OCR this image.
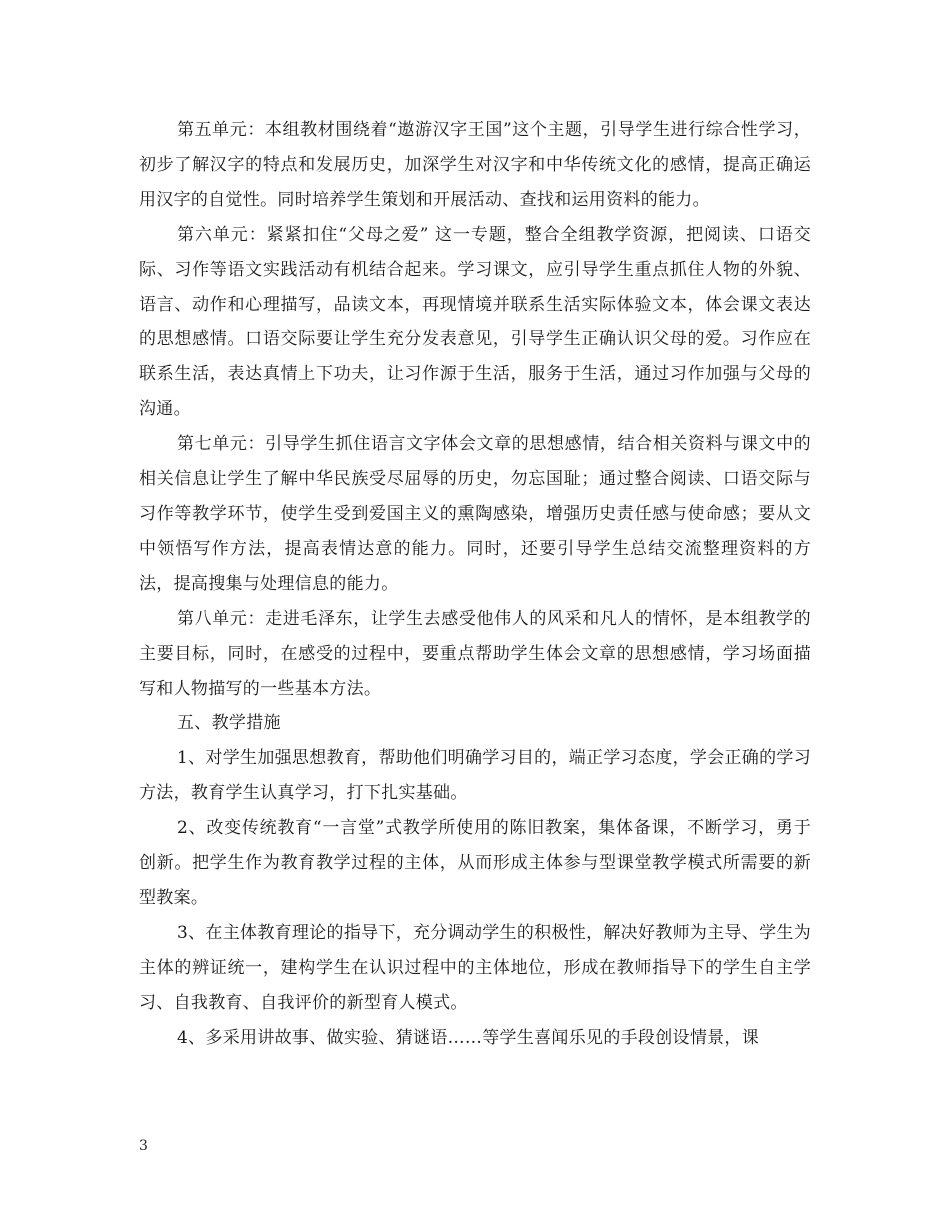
第五单元：本组教材围绕着“遨游汉字王国”这个主题，引导学生进行综合性学习，初步了解汉字的特点和发展历史，加深学生对汉字和中华传统文化的感情，提高正确运用汉字的自觉性。同时培养学生策划和开展活动、查找和运用资料的能力。

第六单元：紧紧扣住“父母之爱” 这一专题，整合全组教学资源，把阅读、口语交际、习作等语文实践活动有机结合起来。学习课文，应引导学生重点抓住人物的外貌、语言、动作和心理描写，品读文本，再现情境并联系生活实际体验文本，体会课文表达的思想感情。口语交际要让学生充分发表意见，引导学生正确认识父母的爱。习作应在联系生活，表达真情上下功夫，让习作源于生活，服务于生活，通过习作加强与父母的沟通。

第七单元：引导学生抓住语言文字体会文章的思想感情，结合相关资料与课文中的相关信息让学生了解中华民族受尽屈辱的历史，勿忘国耻；通过整合阅读、口语交际与习作等教学环节，使学生受到爱国主义的熏陶感染，增强历史责任感与使命感；要从文中领悟写作方法，提高表情达意的能力。同时，还要引导学生总结交流整理资料的方法，提高搜集与处理信息的能力。

第八单元：走进毛泽东，让学生去感受他伟人的风采和凡人的情怀，是本组教学的主要目标，同时，在感受的过程中，要重点帮助学生体会文章的思想感情，学习场面描写和人物描写的一些基本方法。

五、教学措施

1、对学生加强思想教育，帮助他们明确学习目的，端正学习态度，学会正确的学习方法，教育学生认真学习，打下扎实基础。

2、改变传统教育“一言堂”式教学所使用的陈旧教案，集体备课，不断学习，勇于创新。把学生作为教育教学过程的主体，从而形成主体参与型课堂教学模式所需要的新型教案。

3、在主体教育理论的指导下，充分调动学生的积极性，解决好教师为主导、学生为主体的辨证统一，建构学生在认识过程中的主体地位，形成在教师指导下的学生自主学习、自我教育、自我评价的新型育人模式。

4、多采用讲故事、做实验、猜谜语……等学生喜闻乐见的手段创设情景，课

3
